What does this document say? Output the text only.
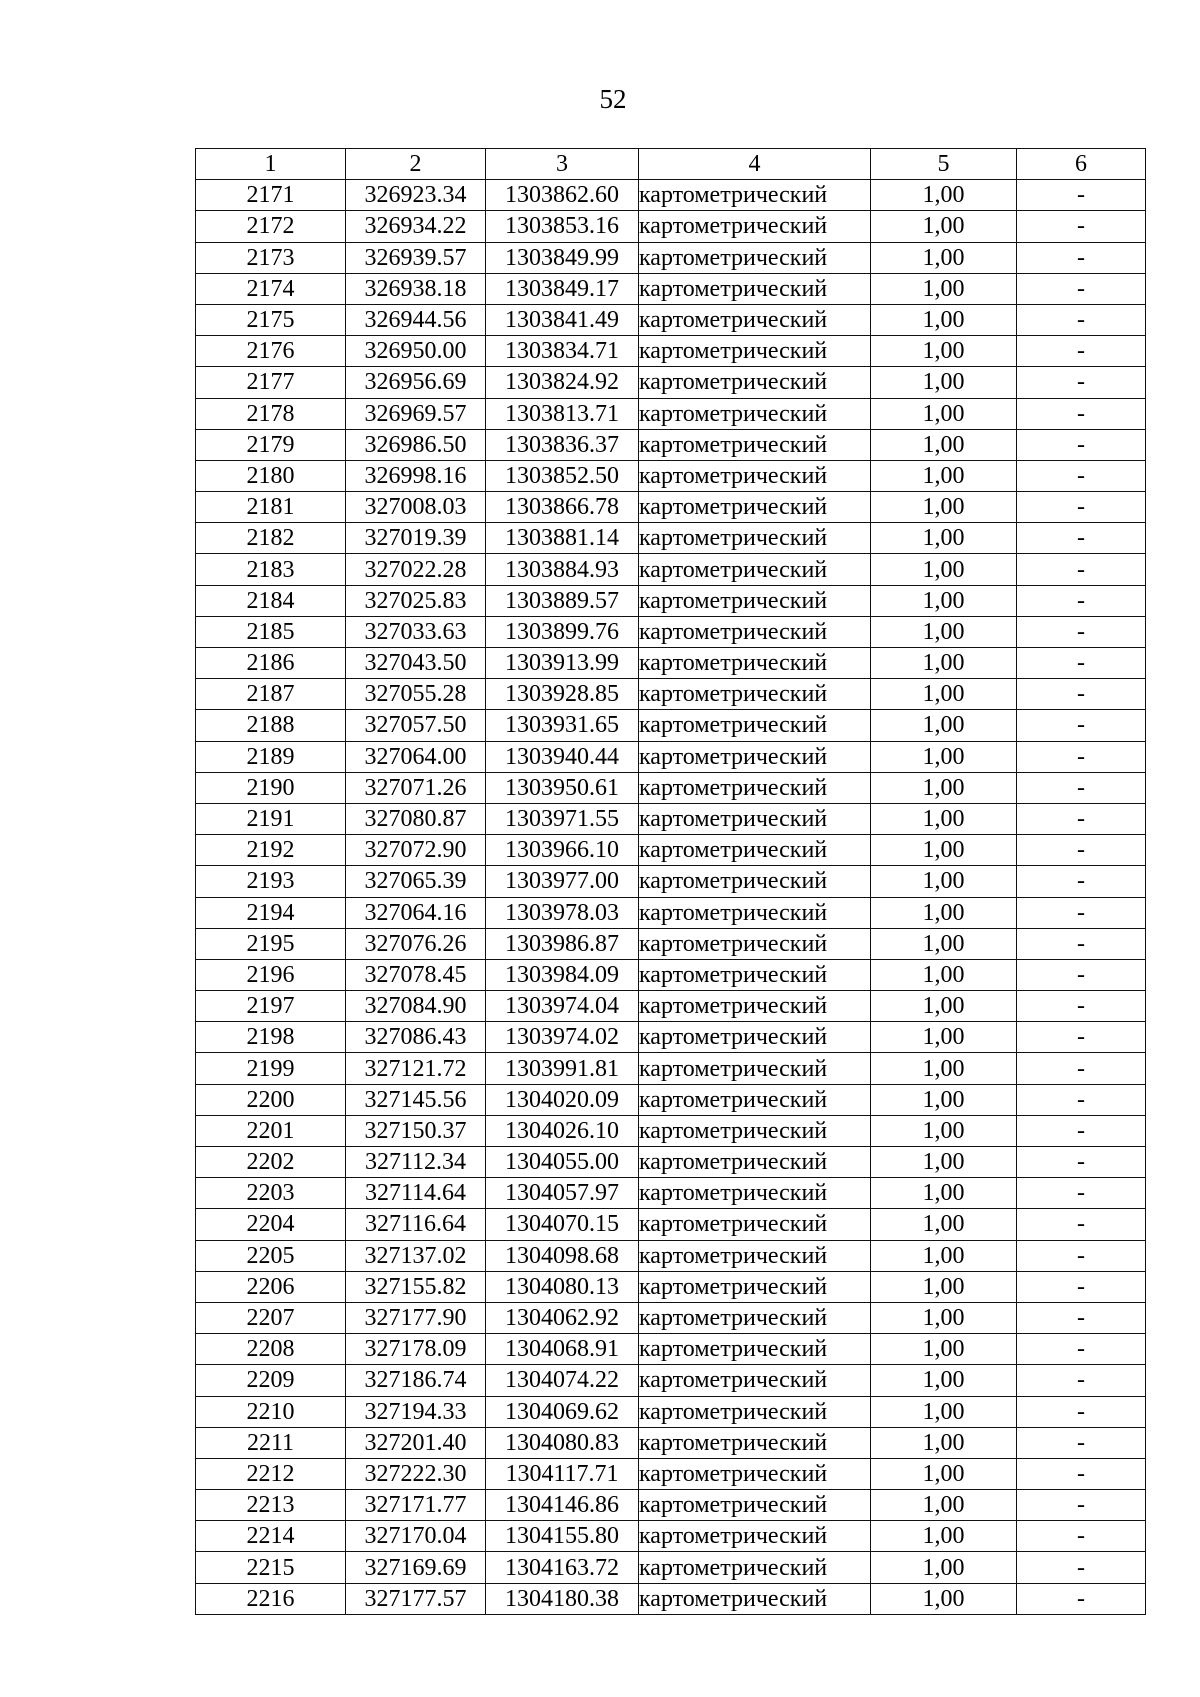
52
1	2	3	4	5	6
2171	326923.34	1303862.60	картометрический	1,00	-
2172	326934.22	1303853.16	картометрический	1,00	-
2173	326939.57	1303849.99	картометрический	1,00	-
2174	326938.18	1303849.17	картометрический	1,00	-
2175	326944.56	1303841.49	картометрический	1,00	-
2176	326950.00	1303834.71	картометрический	1,00	-
2177	326956.69	1303824.92	картометрический	1,00	-
2178	326969.57	1303813.71	картометрический	1,00	-
2179	326986.50	1303836.37	картометрический	1,00	-
2180	326998.16	1303852.50	картометрический	1,00	-
2181	327008.03	1303866.78	картометрический	1,00	-
2182	327019.39	1303881.14	картометрический	1,00	-
2183	327022.28	1303884.93	картометрический	1,00	-
2184	327025.83	1303889.57	картометрический	1,00	-
2185	327033.63	1303899.76	картометрический	1,00	-
2186	327043.50	1303913.99	картометрический	1,00	-
2187	327055.28	1303928.85	картометрический	1,00	-
2188	327057.50	1303931.65	картометрический	1,00	-
2189	327064.00	1303940.44	картометрический	1,00	-
2190	327071.26	1303950.61	картометрический	1,00	-
2191	327080.87	1303971.55	картометрический	1,00	-
2192	327072.90	1303966.10	картометрический	1,00	-
2193	327065.39	1303977.00	картометрический	1,00	-
2194	327064.16	1303978.03	картометрический	1,00	-
2195	327076.26	1303986.87	картометрический	1,00	-
2196	327078.45	1303984.09	картометрический	1,00	-
2197	327084.90	1303974.04	картометрический	1,00	-
2198	327086.43	1303974.02	картометрический	1,00	-
2199	327121.72	1303991.81	картометрический	1,00	-
2200	327145.56	1304020.09	картометрический	1,00	-
2201	327150.37	1304026.10	картометрический	1,00	-
2202	327112.34	1304055.00	картометрический	1,00	-
2203	327114.64	1304057.97	картометрический	1,00	-
2204	327116.64	1304070.15	картометрический	1,00	-
2205	327137.02	1304098.68	картометрический	1,00	-
2206	327155.82	1304080.13	картометрический	1,00	-
2207	327177.90	1304062.92	картометрический	1,00	-
2208	327178.09	1304068.91	картометрический	1,00	-
2209	327186.74	1304074.22	картометрический	1,00	-
2210	327194.33	1304069.62	картометрический	1,00	-
2211	327201.40	1304080.83	картометрический	1,00	-
2212	327222.30	1304117.71	картометрический	1,00	-
2213	327171.77	1304146.86	картометрический	1,00	-
2214	327170.04	1304155.80	картометрический	1,00	-
2215	327169.69	1304163.72	картометрический	1,00	-
2216	327177.57	1304180.38	картометрический	1,00	-
